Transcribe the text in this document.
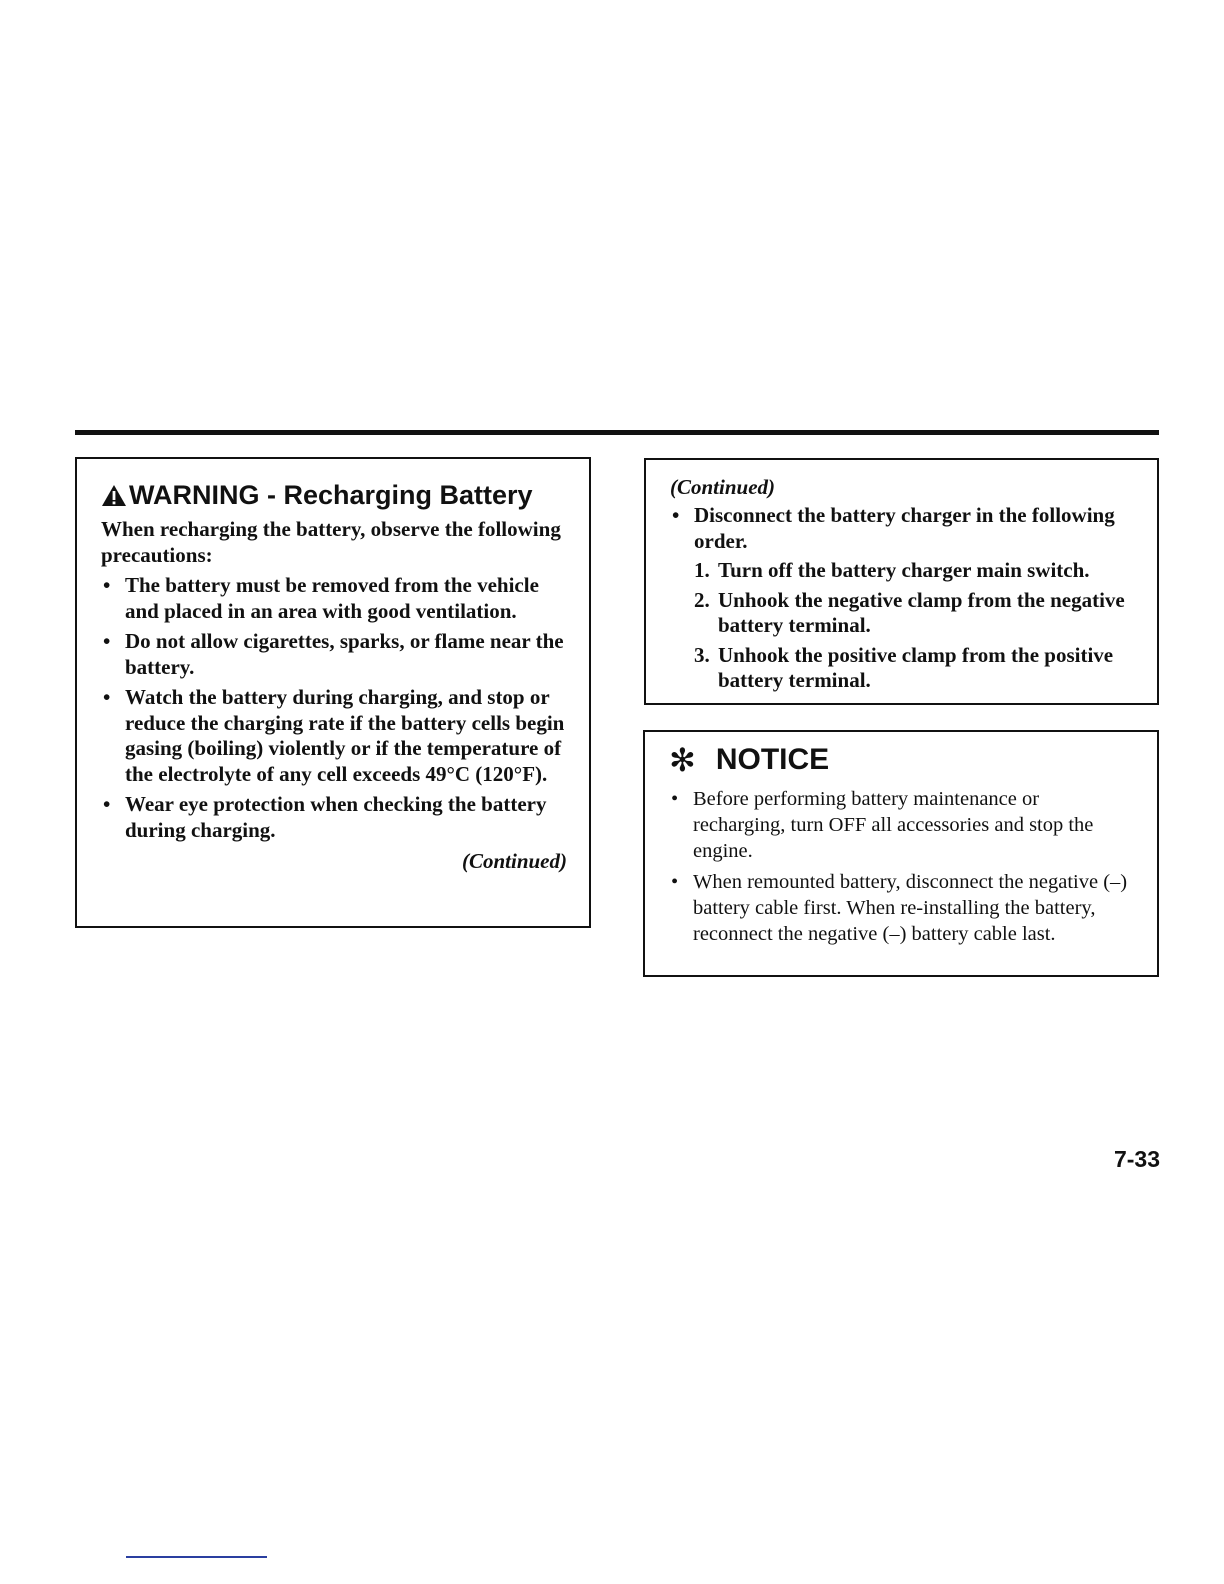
WARNING - Recharging Battery
When recharging the battery, observe the following precautions:
• The battery must be removed from the vehicle and placed in an area with good ventilation.
• Do not allow cigarettes, sparks, or flame near the battery.
• Watch the battery during charging, and stop or reduce the charging rate if the battery cells begin gasing (boiling) violently or if the temperature of the electrolyte of any cell exceeds 49°C (120°F).
• Wear eye protection when checking the battery during charging.
(Continued)
(Continued)
• Disconnect the battery charger in the following order.
1. Turn off the battery charger main switch.
2. Unhook the negative clamp from the negative battery terminal.
3. Unhook the positive clamp from the positive battery terminal.
✻ NOTICE
• Before performing battery maintenance or recharging, turn OFF all accessories and stop the engine.
• When remounted battery, disconnect the negative (–) battery cable first. When re-installing the battery, reconnect the negative (–) battery cable last.
7-33
